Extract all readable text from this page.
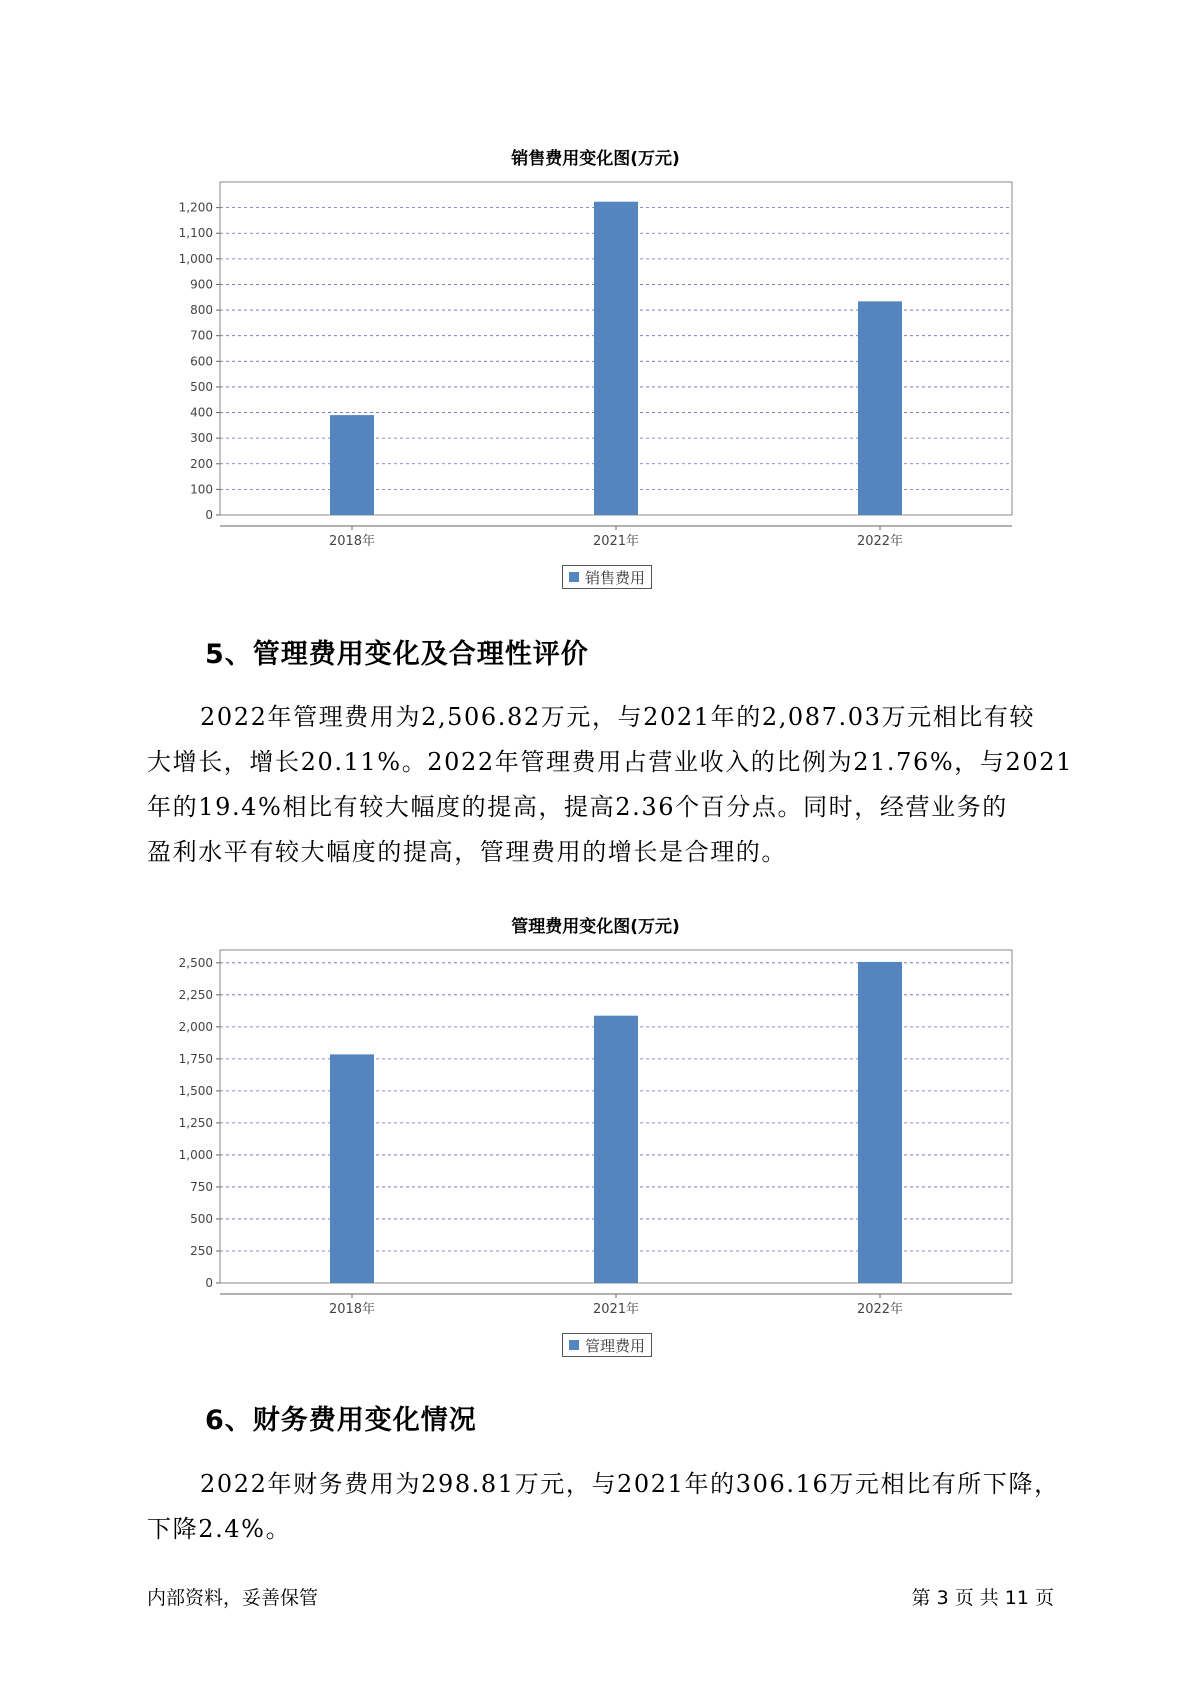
销售费用变化图(万元)
0
100
200
300
400
500
600
700
800
900
1,000
1,100
1,200
2018年	2021年	2022年
销售费用
5、管理费用变化及合理性评价

2022年管理费用为2,506.82万元，与2021年的2,087.03万元相比有较
大增长，增长20.11%。2022年管理费用占营业收入的比例为21.76%，与2021
年的19.4%相比有较大幅度的提高，提高2.36个百分点。同时，经营业务的
盈利水平有较大幅度的提高，管理费用的增长是合理的。

管理费用变化图(万元)
0
250
500
750
1,000
1,250
1,500
1,750
2,000
2,250
2,500
2018年	2021年	2022年
管理费用
6、财务费用变化情况

2022年财务费用为298.81万元，与2021年的306.16万元相比有所下降，
下降2.4%。

内部资料，妥善保管	第 3 页 共 11 页
